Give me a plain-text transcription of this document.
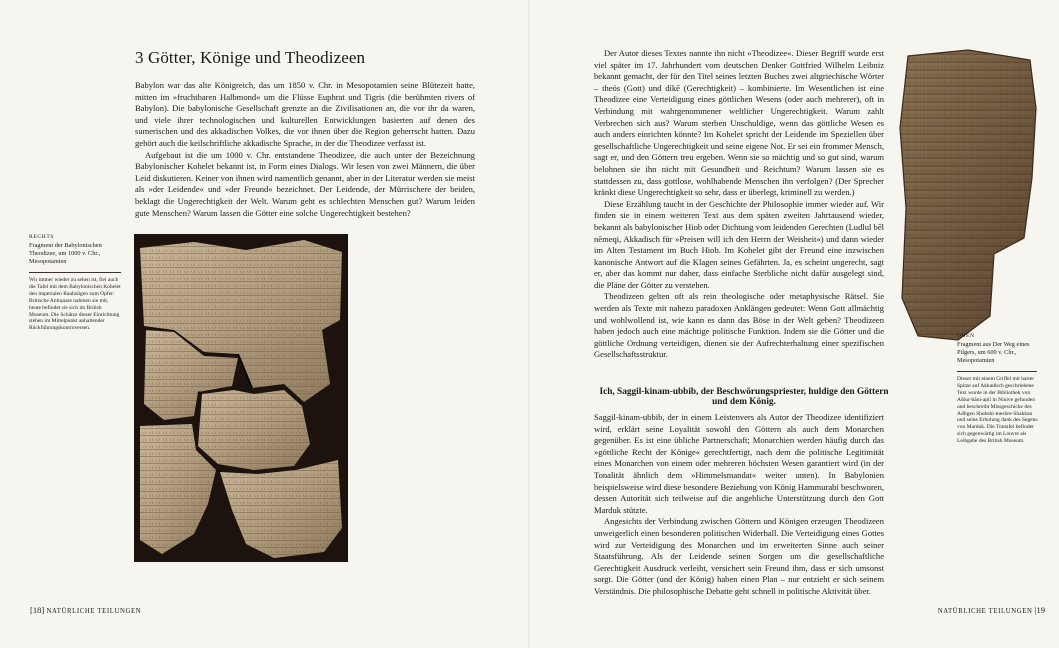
3 Götter, Könige und Theodizeen

Babylon war das alte Königreich, das um 1850 v. Chr. in Mesopotamien seine Blütezeit hatte, mitten im »fruchtbaren Halbmond« um die Flüsse Euphrat und Tigris (die berühmten rivers of Babylon). Die babylonische Gesellschaft grenzte an die Zivilisationen an, die vor ihr da waren, und viele ihrer technologischen und kulturellen Entwicklungen basierten auf denen des sumerischen und des akkadischen Volkes, die vor ihnen über die Region geherrscht hatten. Dazu gehört auch die keilschriftliche akkadische Sprache, in der die Theodizee verfasst ist.

Aufgebaut ist die um 1000 v. Chr. entstandene Theodizee, die auch unter der Bezeichnung Babylonischer Kohelet bekannt ist, in Form eines Dialogs. Wir lesen von zwei Männern, die über Leid diskutieren. Keiner von ihnen wird namentlich genannt, aber in der Literatur werden sie meist als »der Leidende« und »der Freund« bezeichnet. Der Leidende, der Mürrischere der beiden, beklagt die Ungerechtigkeit der Welt. Warum geht es schlechten Menschen gut? Warum leiden gute Menschen? Warum lassen die Götter eine solche Ungerechtigkeit bestehen?

RECHTS
Fragment der Babylonischen Theodizee, um 1000 v. Chr., Mesopotamien
Wir immer wieder zu sehen ist, fiel auch die Tafel mit dem Babylonischen Kohelet den imperialen Raubzügen zum Opfer: Britische Antiquare nahmen sie mit, heute befindet sie sich im British Museum. Die Schätze dieser Einrichtung stehen im Mittelpunkt anhaltender Rückführungskontroversen.
[18] NATÜRLICHE TEILUNGEN

Der Autor dieses Textes nannte ihn nicht »Theodizee«. Dieser Begriff wurde erst viel später im 17. Jahrhundert vom deutschen Denker Gottfried Wilhelm Leibniz bekannt gemacht, der für den Titel seines letzten Buches zwei altgriechische Wörter – theós (Gott) und díkē (Gerechtigkeit) – kombinierte. Im Wesentlichen ist eine Theodizee eine Verteidigung eines göttlichen Wesens (oder auch mehrerer), oft in Verbindung mit wahrgenommener weltlicher Ungerechtigkeit. Warum zahlt Verbrechen sich aus? Warum sterben Unschuldige, wenn das göttliche Wesen es auch anders einrichten könnte? Im Kohelet spricht der Leidende im Speziellen über gesellschaftliche Ungerechtigkeit und seine eigene Not. Er sei ein frommer Mensch, sagt er, und den Göttern treu ergeben. Wenn sie so mächtig und so gut sind, warum belohnen sie ihn nicht mit Gesundheit und Reichtum? Warum lassen sie es stattdessen zu, dass gottlose, wohlhabende Menschen ihn verfolgen? (Der Sprecher kränkt diese Ungerechtigkeit so sehr, dass er überlegt, kriminell zu werden.)

Diese Erzählung taucht in der Geschichte der Philosophie immer wieder auf. Wir finden sie in einem weiteren Text aus dem späten zweiten Jahrtausend wieder, bekannt als babylonischer Hiob oder Dichtung vom leidenden Gerechten (Ludlul bēl nēmeqi, Akkadisch für »Preisen will ich den Herrn der Weisheit«) und dann wieder im Alten Testament im Buch Hiob. Im Kohelet gibt der Freund eine inzwischen kanonische Antwort auf die Klagen seines Gefährten. Ja, es scheint ungerecht, sagt er, aber das kommt nur daher, dass einfache Sterbliche nicht dafür ausgelegt sind, die Pläne der Götter zu verstehen.

Theodizeen gelten oft als rein theologische oder metaphysische Rätsel. Sie werden als Texte mit nahezu paradoxen Anklängen gedeutet: Wenn Gott allmächtig und wohlwollend ist, wie kann es dann das Böse in der Welt geben? Theodizeen haben jedoch auch eine mächtige politische Funktion. Indem sie die Götter und die göttliche Ordnung verteidigen, dienen sie der Aufrechterhaltung einer spezifischen Gesellschaftsstruktur.

Ich, Saggil-kinam-ubbib, der Beschwörungspriester, huldige den Göttern und dem König.

Saggil-kinam-ubbib, der in einem Leistenvers als Autor der Theodizee identifiziert wird, erklärt seine Loyalität sowohl den Göttern als auch dem Monarchen gegenüber. Es ist eine übliche Partnerschaft; Monarchien werden häufig durch das »göttliche Recht der Könige« gerechtfertigt, nach dem die politische Legitimität eines Monarchen von einem oder mehreren höchsten Wesen garantiert wird (in der Tonalität ähnlich dem »Himmelsmandat« weiter unten). In Babylonien beispielsweise wird diese besondere Beziehung von König Hammurabi beschworen, dessen Autorität sich teilweise auf die angebliche Unterstützung durch den Gott Marduk stützte.

Angesichts der Verbindung zwischen Göttern und Königen erzeugen Theodizeen unweigerlich einen besonderen politischen Widerhall. Die Verteidigung eines Gottes wird zur Verteidigung des Monarchen und im erweiterten Sinne auch seiner Staatsführung. Als der Leidende seinen Sorgen um die gesellschaftliche Gerechtigkeit Ausdruck verleiht, versichert sein Freund ihm, dass er sich umsonst sorgt. Die Götter (und der König) haben einen Plan – nur entzieht er sich seinem Verständnis. Die philosophische Debatte geht schnell in politische Aktivität über.

OBEN
Fragment aus Der Weg eines Pilgers, um 600 v. Chr., Mesopotamien
Dieser mit einem Griffel mit harter Spitze auf Akkadisch geschriebene Text wurde in der Bibliothek von Aššur-bāni-apli in Ninive gefunden und beschreibt Missgeschicke des Adligen Shubshi-meshre-Shakkan und seine Erholung dank des Segens von Marduk. Die Tontafel befindet sich gegenwärtig im Louvre als Leihgabe des British Museum.
NATÜRLICHE TEILUNGEN |19
